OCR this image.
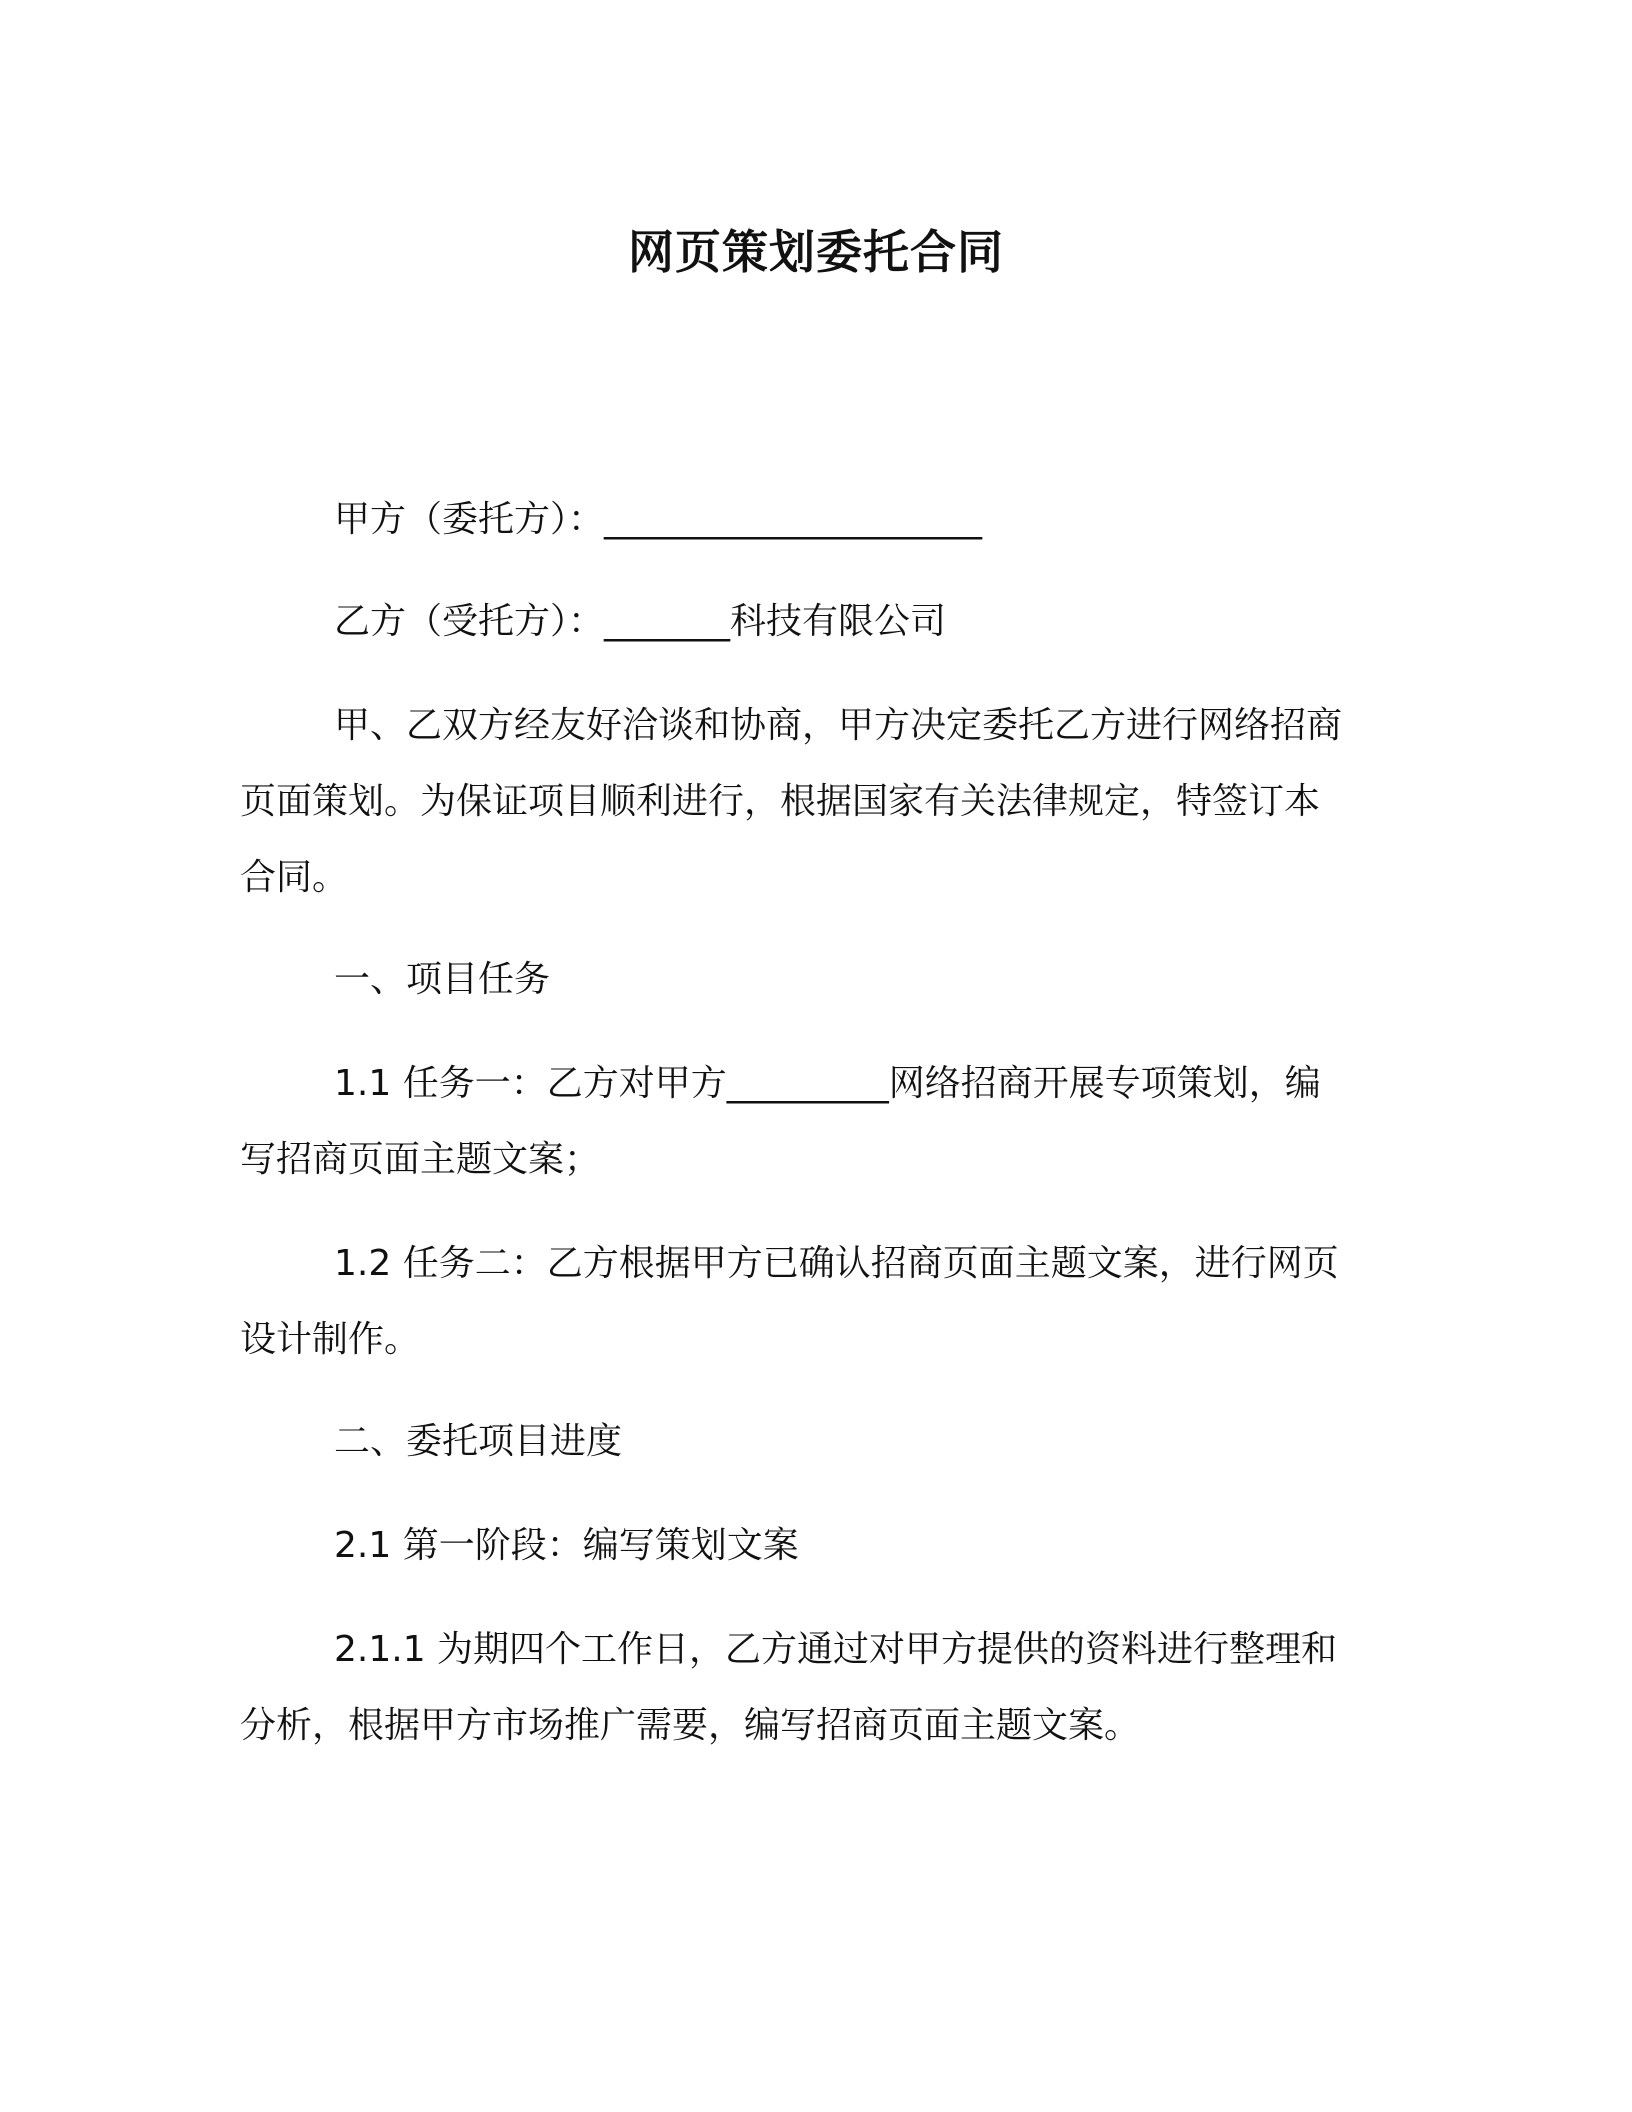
网页策划委托合同

甲方（委托方）：_____________________

乙方（受托方）：_______科技有限公司

甲、乙双方经友好洽谈和协商，甲方决定委托乙方进行网络招商

页面策划。为保证项目顺利进行，根据国家有关法律规定，特签订本

合同。

一、项目任务

1.1 任务一：乙方对甲方_________网络招商开展专项策划，编

写招商页面主题文案；

1.2 任务二：乙方根据甲方已确认招商页面主题文案，进行网页

设计制作。

二、委托项目进度

2.1 第一阶段：编写策划文案

2.1.1 为期四个工作日，乙方通过对甲方提供的资料进行整理和

分析，根据甲方市场推广需要，编写招商页面主题文案。
